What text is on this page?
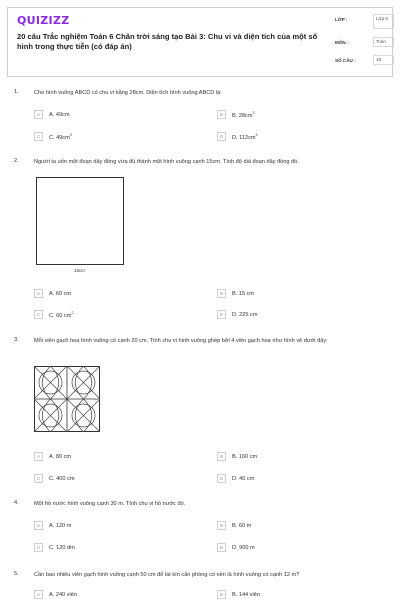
QUIZIZZ
20 câu Trắc nghiệm Toán 6 Chân trời sáng tạo Bài 3: Chu vi và diện tích của một số hình trong thực tiễn (có đáp án)
LỚP :	Lớp 6
MÔN :	Toán
SỐ CÂU :	19
1.	Cho hình vuông ABCD có chu vi bằng 28cm. Diện tích hình vuông ABCD là:
A	A. 49cm	B	B. $28cm^2$
C	C. $49cm^2$	D	D. $112cm^2$
2.	Người ta uốn một đoạn dây đồng vừa đủ thành một hình vuông cạnh 15cm. Tính độ dài đoạn dây đồng đó.
15cm
A	A. 60 cm	B	B. 15 cm
C	C. 60 $cm^2$	D	D. 225 cm
3.	Mỗi viên gạch hoa hình vuông có cạnh 20 cm. Tính chu vi hình vuông ghép bởi 4 viên gạch hoa như hình vẽ dưới đây:
A	A. 80 cm	B	B. 160 cm
C	C. 400 cm	D	D. 40 cm
4.	Một hồ nước hình vuông cạnh 30 m. Tính chu vi hồ nước đó.
A	A. 120 m	B	B. 60 m
C	C. 120 dm	D	D. 900 m
5.	Cần bao nhiêu viên gạch hình vuông cạnh 50 cm để lát kín căn phòng có nền là hình vuông có cạnh 12 m?
A	A. 240 viên	B	B. 144 viên
